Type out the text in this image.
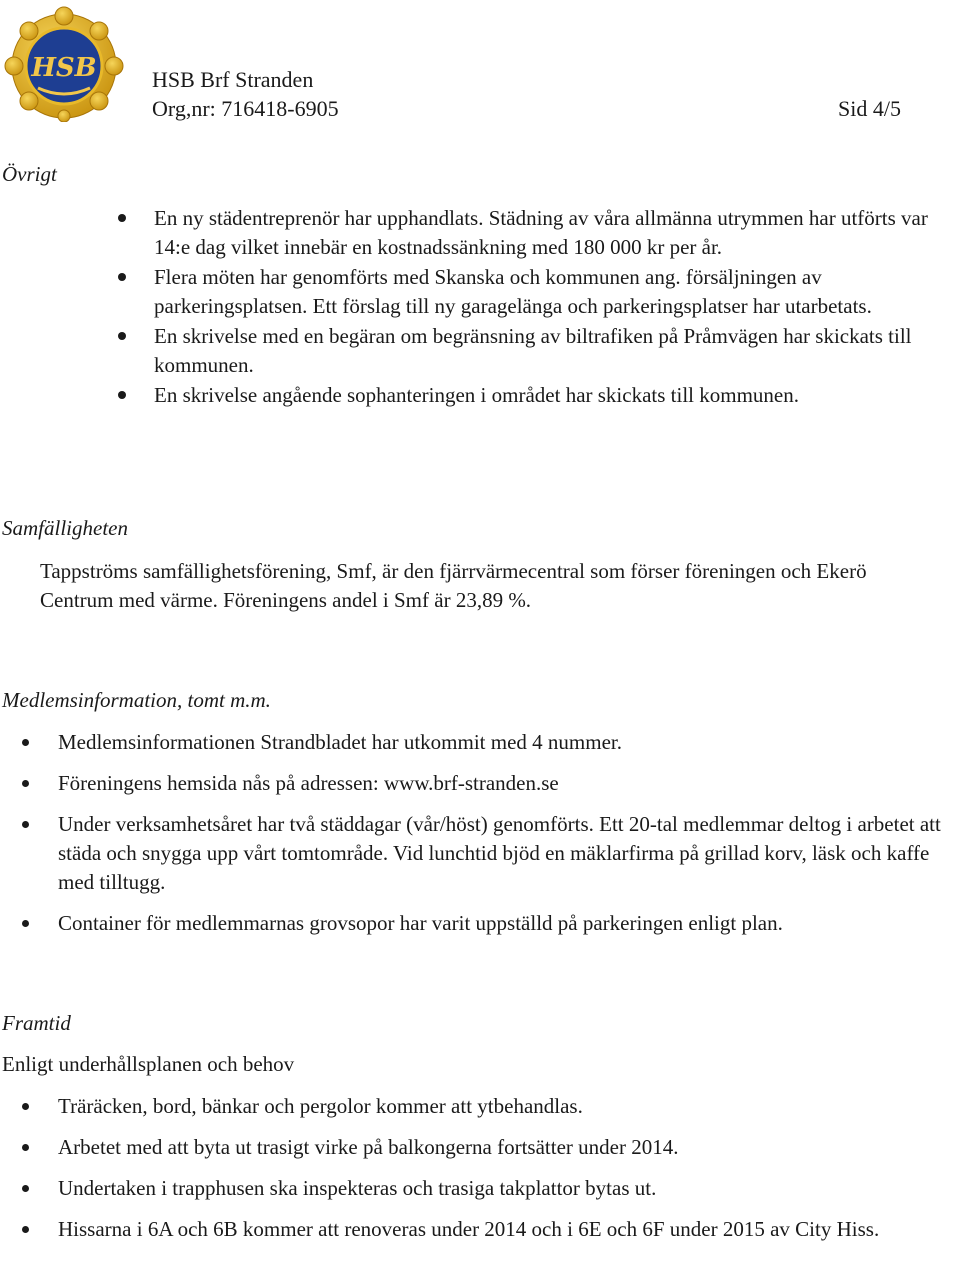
HSB	HSB Brf Stranden
Org,nr: 716418-6905	Sid 4/5
Övrigt
En ny städentreprenör har upphandlats. Städning av våra allmänna utrymmen har utförts var 14:e dag vilket innebär en kostnadssänkning med 180 000 kr per år.
Flera möten har genomförts med Skanska och kommunen ang. försäljningen av parkeringsplatsen. Ett förslag till ny garagelänga och parkeringsplatser har utarbetats.
En skrivelse med en begäran om begränsning av biltrafiken på Pråmvägen har skickats till kommunen.
En skrivelse angående sophanteringen i området har skickats till kommunen.
Samfälligheten
Tappströms samfällighetsförening, Smf, är den fjärrvärmecentral som förser föreningen och Ekerö Centrum med värme. Föreningens andel i Smf är 23,89 %.
Medlemsinformation, tomt m.m.
Medlemsinformationen Strandbladet har utkommit med 4 nummer.
Föreningens hemsida nås på adressen: www.brf-stranden.se
Under verksamhetsåret har två städdagar (vår/höst) genomförts. Ett 20-tal medlemmar deltog i arbetet att städa och snygga upp vårt tomtområde. Vid lunchtid bjöd en mäklarfirma på grillad korv, läsk och kaffe med tilltugg.
Container för medlemmarnas grovsopor har varit uppställd på parkeringen enligt plan.
Framtid
Enligt underhållsplanen och behov
Träräcken, bord, bänkar och pergolor kommer att ytbehandlas.
Arbetet med att byta ut trasigt virke på balkongerna fortsätter under 2014.
Undertaken i trapphusen ska inspekteras och trasiga takplattor bytas ut.
Hissarna i 6A och 6B kommer att renoveras under 2014 och i 6E och 6F under 2015 av City Hiss.
